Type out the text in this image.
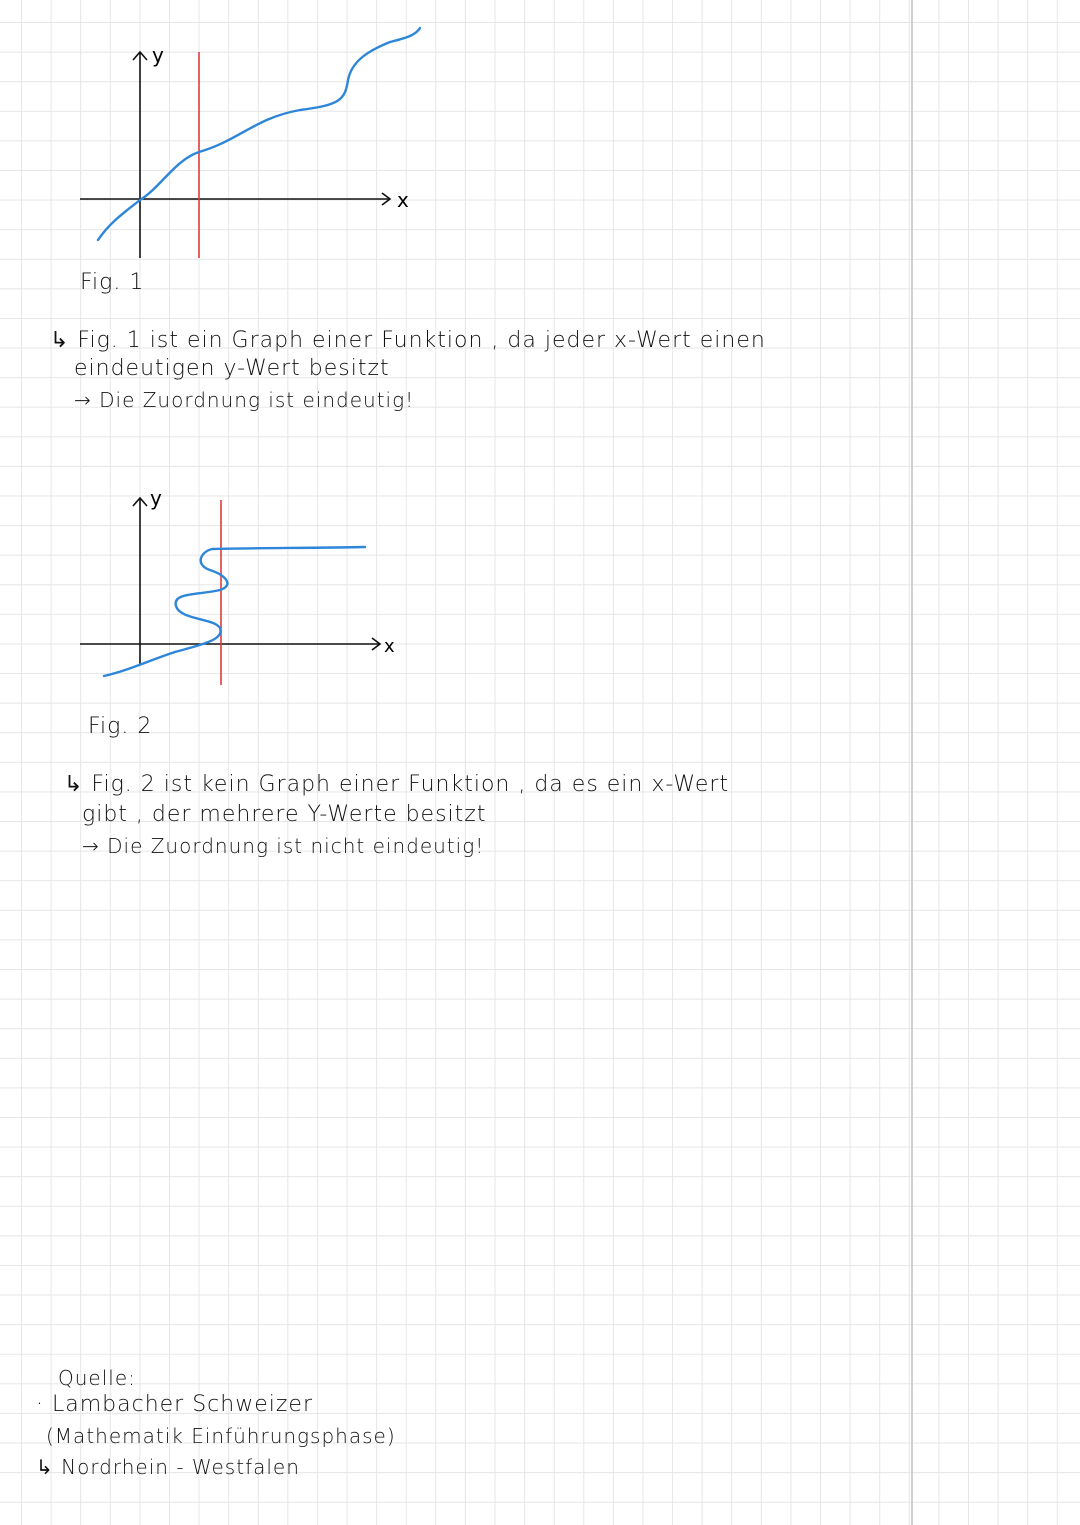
y
x
Fig. 1
↳ Fig. 1 ist ein Graph einer Funktion , da jeder x-Wert einen
eindeutigen y-Wert besitzt
→ Die Zuordnung ist eindeutig!
y
x
Fig. 2
↳ Fig. 2 ist kein Graph einer Funktion , da es ein x-Wert
gibt , der mehrere Y-Werte besitzt
→ Die Zuordnung ist nicht eindeutig!
Quelle:
· Lambacher Schweizer
(Mathematik Einführungsphase)
↳ Nordrhein - Westfalen
